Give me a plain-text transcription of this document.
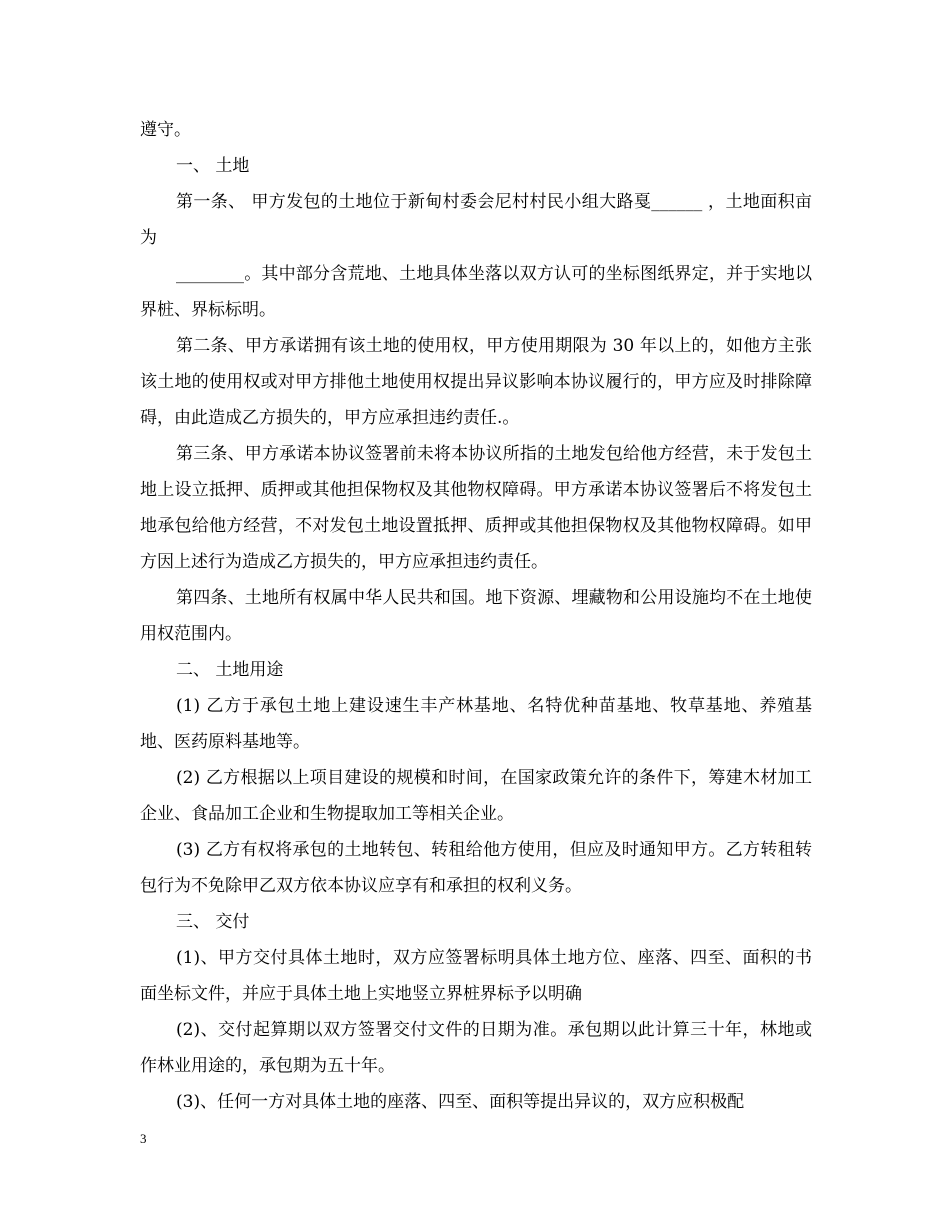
遵守。

一、 土地

第一条、 甲方发包的土地位于新甸村委会尼村村民小组大路戛______ ，土地面积亩为

________。其中部分含荒地、土地具体坐落以双方认可的坐标图纸界定，并于实地以界桩、界标标明。

第二条、甲方承诺拥有该土地的使用权，甲方使用期限为 30 年以上的，如他方主张该土地的使用权或对甲方排他土地使用权提出异议影响本协议履行的，甲方应及时排除障碍，由此造成乙方损失的，甲方应承担违约责任.。

第三条、甲方承诺本协议签署前未将本协议所指的土地发包给他方经营，未于发包土地上设立抵押、质押或其他担保物权及其他物权障碍。甲方承诺本协议签署后不将发包土地承包给他方经营，不对发包土地设置抵押、质押或其他担保物权及其他物权障碍。如甲方因上述行为造成乙方损失的，甲方应承担违约责任。

第四条、土地所有权属中华人民共和国。地下资源、埋藏物和公用设施均不在土地使用权范围内。

二、 土地用途

(1) 乙方于承包土地上建设速生丰产林基地、名特优种苗基地、牧草基地、养殖基地、医药原料基地等。

(2) 乙方根据以上项目建设的规模和时间，在国家政策允许的条件下，筹建木材加工企业、食品加工企业和生物提取加工等相关企业。

(3) 乙方有权将承包的土地转包、转租给他方使用，但应及时通知甲方。乙方转租转包行为不免除甲乙双方依本协议应享有和承担的权利义务。

三、 交付

(1)、甲方交付具体土地时，双方应签署标明具体土地方位、座落、四至、面积的书面坐标文件，并应于具体土地上实地竖立界桩界标予以明确

(2)、交付起算期以双方签署交付文件的日期为准。承包期以此计算三十年，林地或作林业用途的，承包期为五十年。

(3)、任何一方对具体土地的座落、四至、面积等提出异议的，双方应积极配

3
